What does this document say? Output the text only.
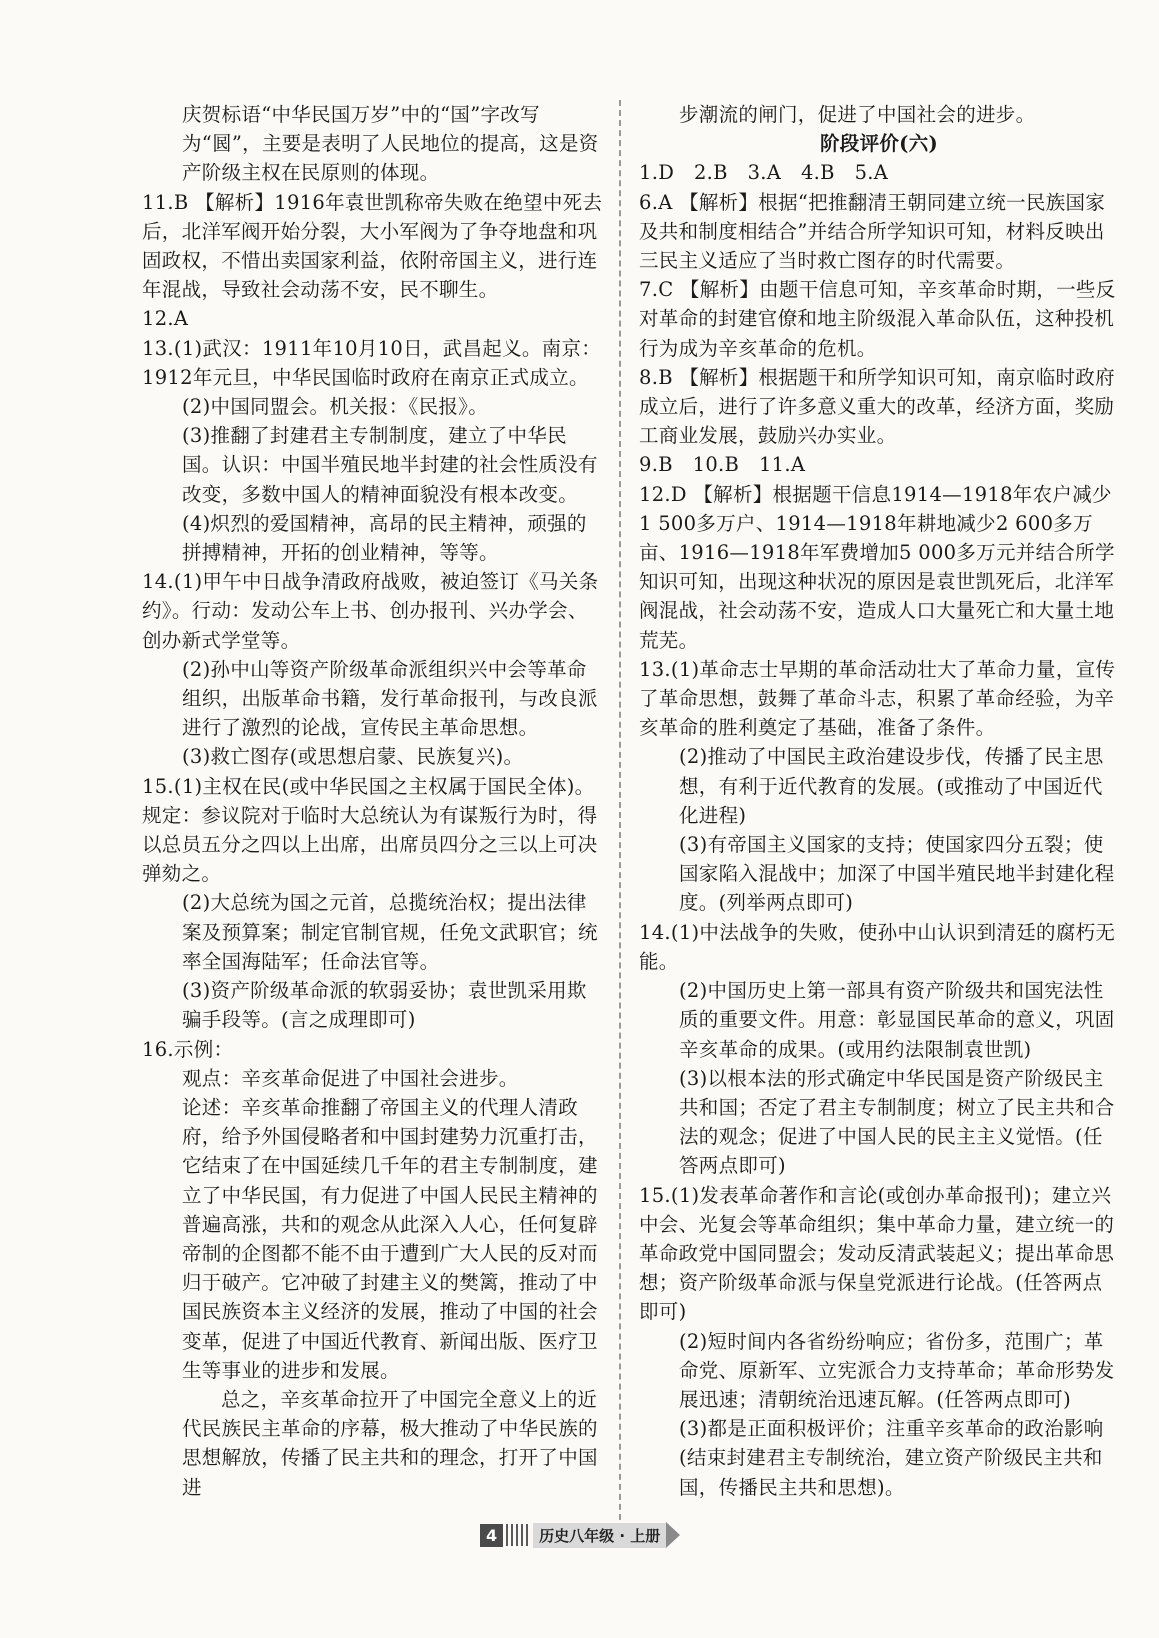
庆贺标语“中华民国万岁”中的“国”字改写为“囻”，主要是表明了人民地位的提高，这是资产阶级主权在民原则的体现。

11.B 【解析】1916年袁世凯称帝失败在绝望中死去后，北洋军阀开始分裂，大小军阀为了争夺地盘和巩固政权，不惜出卖国家利益，依附帝国主义，进行连年混战，导致社会动荡不安，民不聊生。

12.A

13.(1)武汉：1911年10月10日，武昌起义。南京：1912年元旦，中华民国临时政府在南京正式成立。

(2)中国同盟会。机关报：《民报》。

(3)推翻了封建君主专制制度，建立了中华民国。认识：中国半殖民地半封建的社会性质没有改变，多数中国人的精神面貌没有根本改变。

(4)炽烈的爱国精神，高昂的民主精神，顽强的拼搏精神，开拓的创业精神，等等。

14.(1)甲午中日战争清政府战败，被迫签订《马关条约》。行动：发动公车上书、创办报刊、兴办学会、创办新式学堂等。

(2)孙中山等资产阶级革命派组织兴中会等革命组织，出版革命书籍，发行革命报刊，与改良派进行了激烈的论战，宣传民主革命思想。

(3)救亡图存(或思想启蒙、民族复兴)。

15.(1)主权在民(或中华民国之主权属于国民全体)。规定：参议院对于临时大总统认为有谋叛行为时，得以总员五分之四以上出席，出席员四分之三以上可决弹劾之。

(2)大总统为国之元首，总揽统治权；提出法律案及预算案；制定官制官规，任免文武职官；统率全国海陆军；任命法官等。

(3)资产阶级革命派的软弱妥协；袁世凯采用欺骗手段等。(言之成理即可)

16.示例：

观点：辛亥革命促进了中国社会进步。

论述：辛亥革命推翻了帝国主义的代理人清政府，给予外国侵略者和中国封建势力沉重打击，它结束了在中国延续几千年的君主专制制度，建立了中华民国，有力促进了中国人民民主精神的普遍高涨，共和的观念从此深入人心，任何复辟帝制的企图都不能不由于遭到广大人民的反对而归于破产。它冲破了封建主义的樊篱，推动了中国民族资本主义经济的发展，推动了中国的社会变革，促进了中国近代教育、新闻出版、医疗卫生等事业的进步和发展。

总之，辛亥革命拉开了中国完全意义上的近代民族民主革命的序幕，极大推动了中华民族的思想解放，传播了民主共和的理念，打开了中国进

步潮流的闸门，促进了中国社会的进步。

阶段评价(六)

1.D　2.B　3.A　4.B　5.A

6.A 【解析】根据“把推翻清王朝同建立统一民族国家及共和制度相结合”并结合所学知识可知，材料反映出三民主义适应了当时救亡图存的时代需要。

7.C 【解析】由题干信息可知，辛亥革命时期，一些反对革命的封建官僚和地主阶级混入革命队伍，这种投机行为成为辛亥革命的危机。

8.B 【解析】根据题干和所学知识可知，南京临时政府成立后，进行了许多意义重大的改革，经济方面，奖励工商业发展，鼓励兴办实业。

9.B　10.B　11.A

12.D 【解析】根据题干信息1914—1918年农户减少1 500多万户、1914—1918年耕地减少2 600多万亩、1916—1918年军费增加5 000多万元并结合所学知识可知，出现这种状况的原因是袁世凯死后，北洋军阀混战，社会动荡不安，造成人口大量死亡和大量土地荒芜。

13.(1)革命志士早期的革命活动壮大了革命力量，宣传了革命思想，鼓舞了革命斗志，积累了革命经验，为辛亥革命的胜利奠定了基础，准备了条件。

(2)推动了中国民主政治建设步伐，传播了民主思想，有利于近代教育的发展。(或推动了中国近代化进程)

(3)有帝国主义国家的支持；使国家四分五裂；使国家陷入混战中；加深了中国半殖民地半封建化程度。(列举两点即可)

14.(1)中法战争的失败，使孙中山认识到清廷的腐朽无能。

(2)中国历史上第一部具有资产阶级共和国宪法性质的重要文件。用意：彰显国民革命的意义，巩固辛亥革命的成果。(或用约法限制袁世凯)

(3)以根本法的形式确定中华民国是资产阶级民主共和国；否定了君主专制制度；树立了民主共和合法的观念；促进了中国人民的民主主义觉悟。(任答两点即可)

15.(1)发表革命著作和言论(或创办革命报刊)；建立兴中会、光复会等革命组织；集中革命力量，建立统一的革命政党中国同盟会；发动反清武装起义；提出革命思想；资产阶级革命派与保皇党派进行论战。(任答两点即可)

(2)短时间内各省纷纷响应；省份多，范围广；革命党、原新军、立宪派合力支持革命；革命形势发展迅速；清朝统治迅速瓦解。(任答两点即可)

(3)都是正面积极评价；注重辛亥革命的政治影响(结束封建君主专制统治，建立资产阶级民主共和国，传播民主共和思想)。

4	历史八年级 · 上册
